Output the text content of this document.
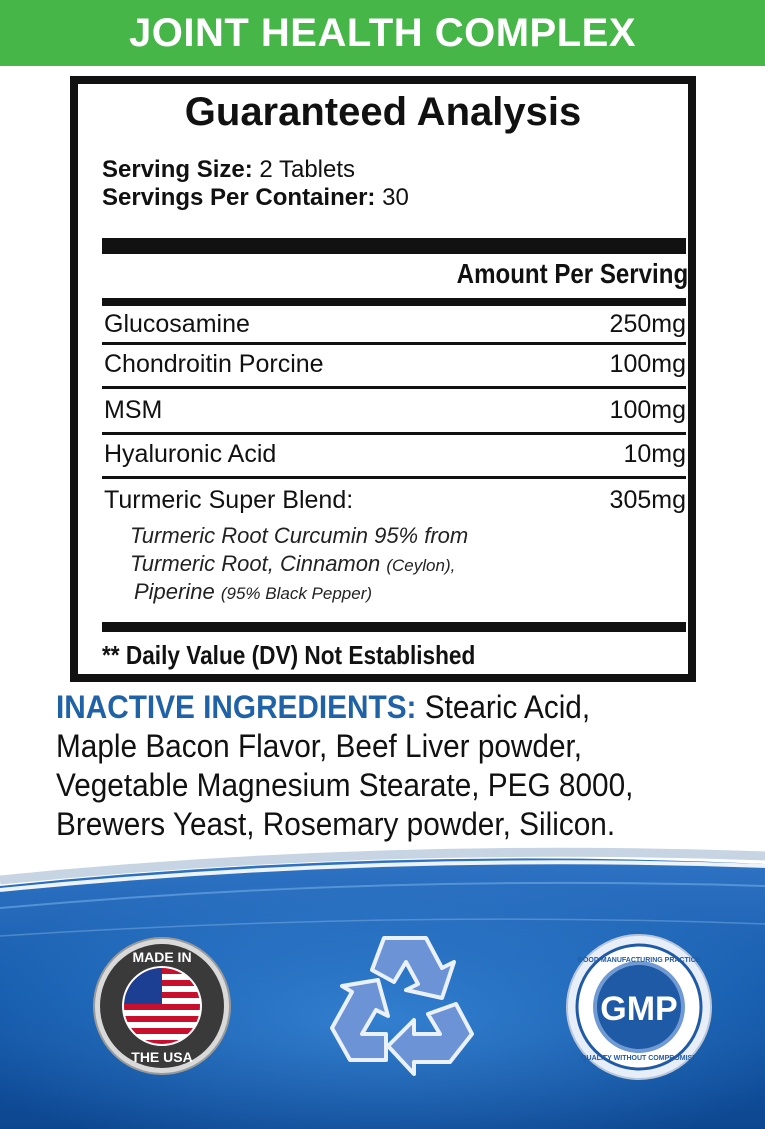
JOINT HEALTH COMPLEX
Guaranteed Analysis
Serving Size: 2 Tablets
Servings Per Container: 30
Amount Per Serving
Glucosamine	250mg
Chondroitin Porcine	100mg
MSM	100mg
Hyaluronic Acid	10mg
Turmeric Super Blend:	305mg
Turmeric Root Curcumin 95% from
Turmeric Root, Cinnamon (Ceylon),
Piperine (95% Black Pepper)
** Daily Value (DV) Not Established
INACTIVE INGREDIENTS: Stearic Acid, Maple Bacon Flavor, Beef Liver powder, Vegetable Magnesium Stearate, PEG 8000, Brewers Yeast, Rosemary powder, Silicon.
MADE IN
THE USA
GMP
GOOD MANUFACTURING PRACTICE
QUALITY WITHOUT COMPROMISE
